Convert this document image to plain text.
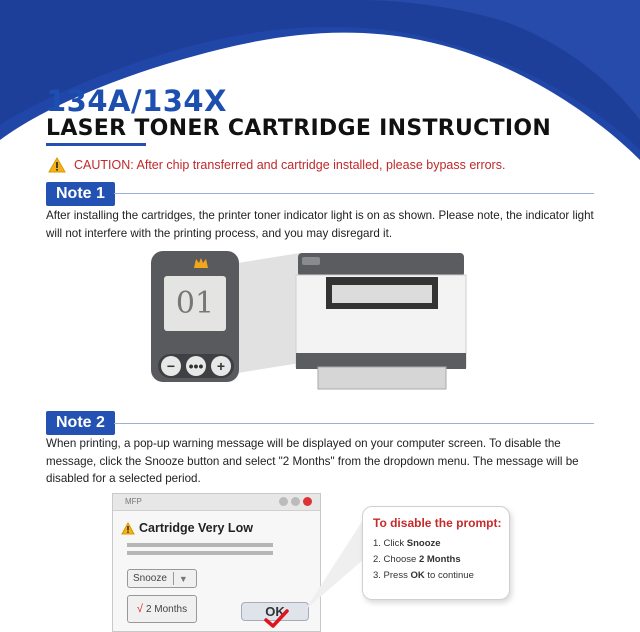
134A/134X
LASER TONER CARTRIDGE INSTRUCTION
CAUTION: After chip transferred and cartridge installed, please bypass errors.
Note 1
After installing the cartridges, the printer toner indicator light is on as shown. Please note, the indicator light will not interfere with the printing process, and you may disregard it.
01
− ••• +
Note 2
When printing, a pop-up warning message will be displayed on your computer screen. To disable the message, click the Snooze button and select "2 Months" from the dropdown menu. The message will be disabled for a selected period.
MFP
Cartridge Very Low
Snooze ▼
√ 2 Months	OK
To disable the prompt:
1. Click Snooze
2. Choose 2 Months
3. Press OK to continue
